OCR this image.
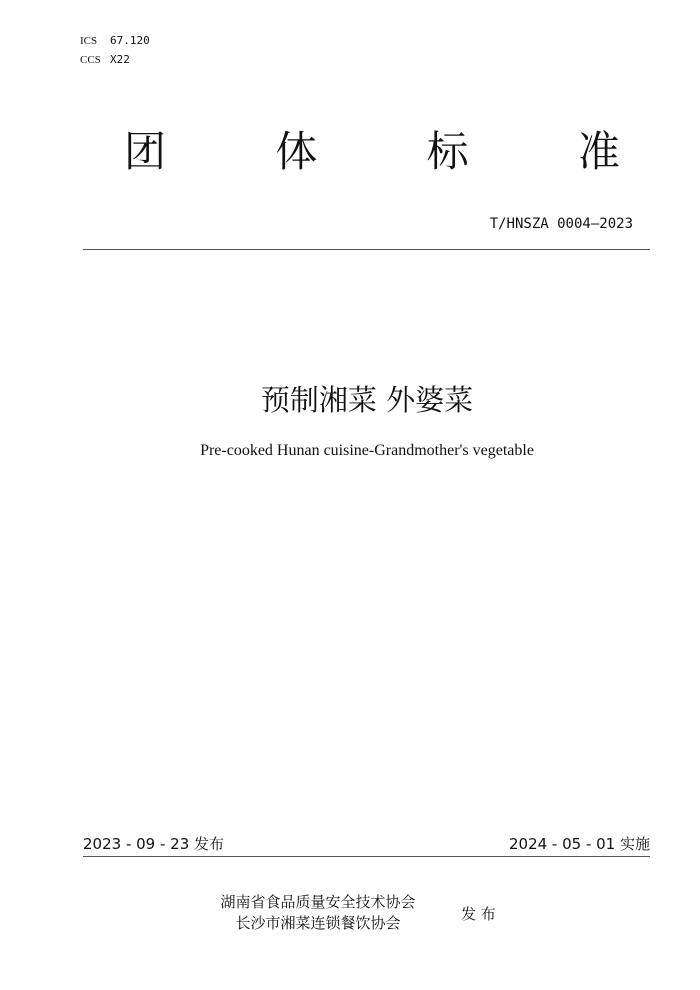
ICS 67.120
CCS X22
团	体	标	准
T/HNSZA 0004—2023
预制湘菜 外婆菜
Pre-cooked Hunan cuisine-Grandmother's vegetable
2023 - 09 - 23 发布	2024 - 05 - 01 实施
湖南省食品质量安全技术协会
长沙市湘菜连锁餐饮协会	发 布
